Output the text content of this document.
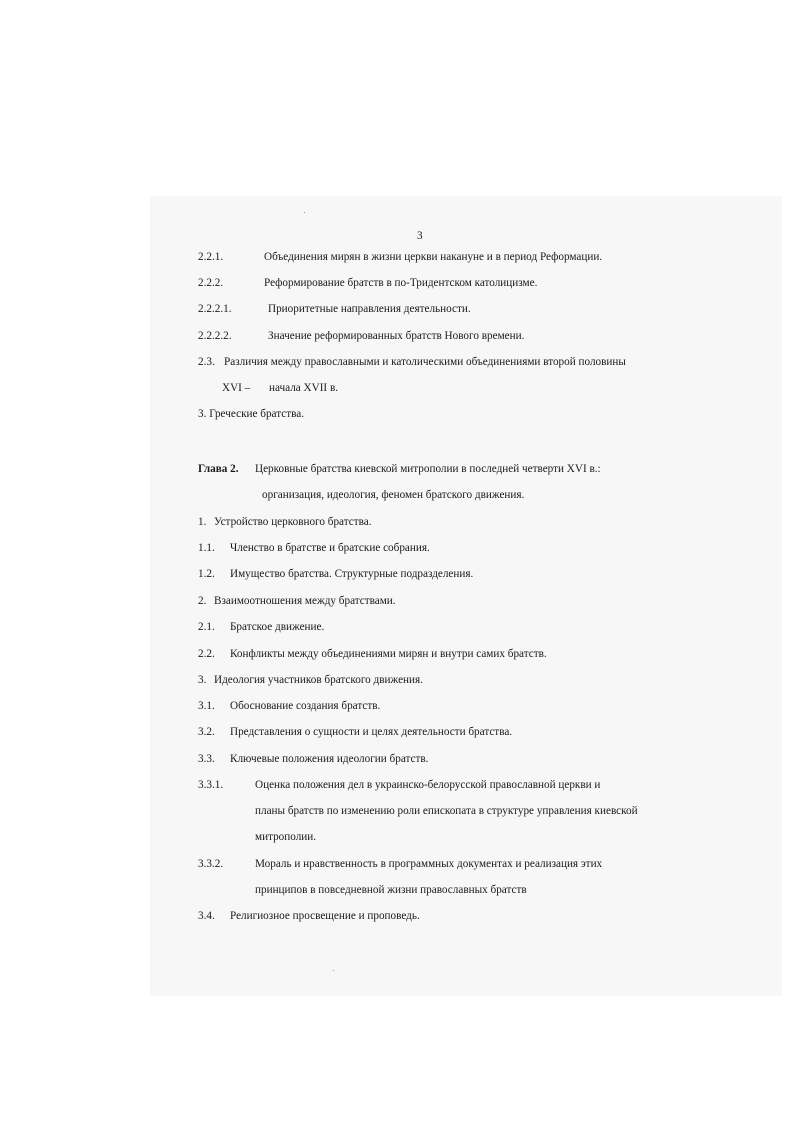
3
2.2.1.	Объединения мирян в жизни церкви накануне и в период Реформации.
2.2.2.	Реформирование братств в по-Тридентском католицизме.
2.2.2.1.	Приоритетные направления деятельности.
2.2.2.2.	Значение реформированных братств Нового времени.
2.3. Различия между православными и католическими объединениями второй половины
XVI – начала XVII в.
3. Греческие братства.
Глава 2. Церковные братства киевской митрополии в последней четверти XVI в.:
организация, идеология, феномен братского движения.
1. Устройство церковного братства.
1.1. Членство в братстве и братские собрания.
1.2. Имущество братства. Структурные подразделения.
2. Взаимоотношения между братствами.
2.1. Братское движение.
2.2. Конфликты между объединениями мирян и внутри самих братств.
3. Идеология участников братского движения.
3.1. Обоснование создания братств.
3.2. Представления о сущности и целях деятельности братства.
3.3. Ключевые положения идеологии братств.
3.3.1.	Оценка положения дел в украинско-белорусской православной церкви и
планы братств по изменению роли епископата в структуре управления киевской
митрополии.
3.3.2.	Мораль и нравственность в программных документах и реализация этих
принципов в повседневной жизни православных братств
3.4. Религиозное просвещение и проповедь.
